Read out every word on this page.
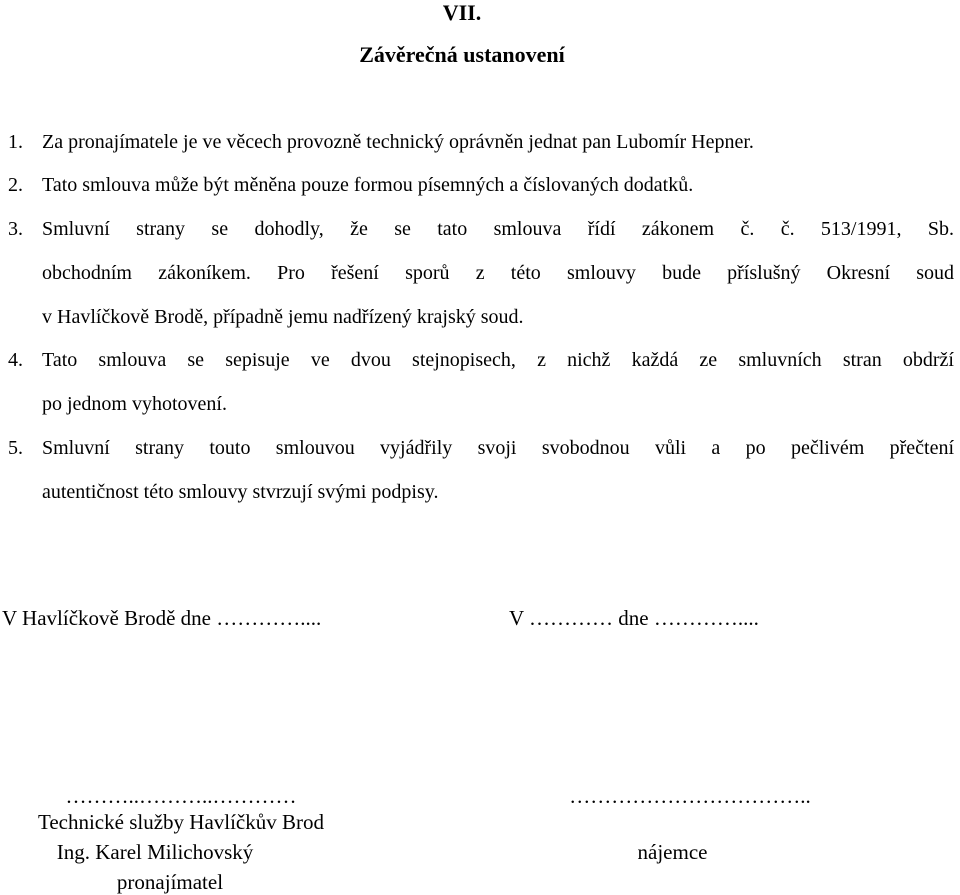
VII.
Závěrečná ustanovení
1. Za pronajímatele je ve věcech provozně technický oprávněn jednat pan Lubomír Hepner.
2. Tato smlouva může být měněna pouze formou písemných a číslovaných dodatků.
3. Smluvní strany se dohodly, že se tato smlouva řídí zákonem č. č. 513/1991, Sb.
obchodním zákoníkem. Pro řešení sporů z této smlouvy bude příslušný Okresní soud
v Havlíčkově Brodě, případně jemu nadřízený krajský soud.
4. Tato smlouva se sepisuje ve dvou stejnopisech, z nichž každá ze smluvních stran obdrží
po jednom vyhotovení.
5. Smluvní strany touto smlouvou vyjádřily svoji svobodnou vůli a po pečlivém přečtení
autentičnost této smlouvy stvrzují svými podpisy.
V Havlíčkově Brodě dne …………....	V ………… dne …………....
………..………..…………
Technické služby Havlíčkův Brod
Ing. Karel Milichovský
pronajímatel
……………………………..
nájemce
